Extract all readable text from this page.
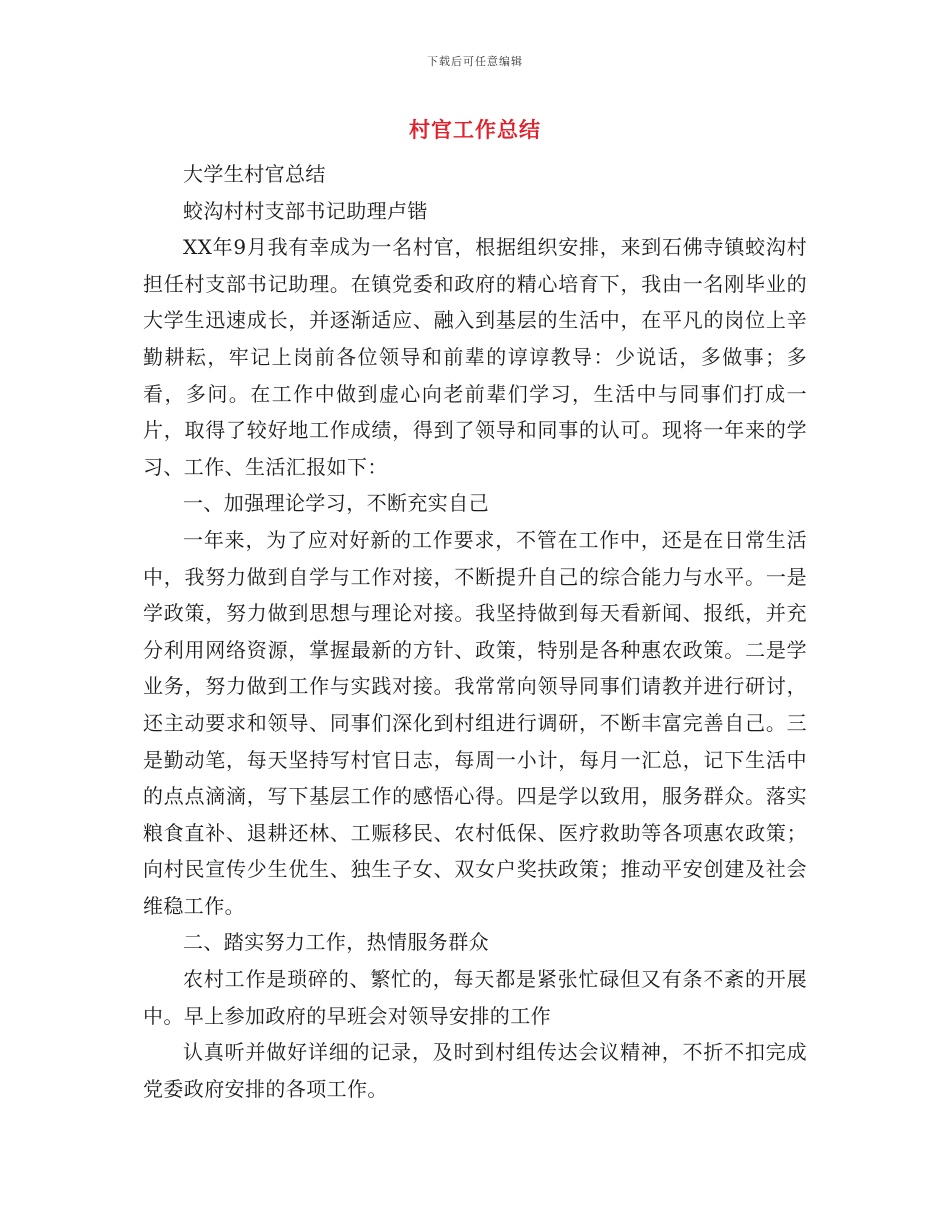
下载后可任意编辑
村官工作总结

大学生村官总结

蛟沟村村支部书记助理卢锴

XX年9月我有幸成为一名村官，根据组织安排，来到石佛寺镇蛟沟村担任村支部书记助理。在镇党委和政府的精心培育下，我由一名刚毕业的大学生迅速成长，并逐渐适应、融入到基层的生活中，在平凡的岗位上辛勤耕耘，牢记上岗前各位领导和前辈的谆谆教导：少说话，多做事；多看，多问。在工作中做到虚心向老前辈们学习，生活中与同事们打成一片，取得了较好地工作成绩，得到了领导和同事的认可。现将一年来的学习、工作、生活汇报如下：

一、加强理论学习，不断充实自己

一年来，为了应对好新的工作要求，不管在工作中，还是在日常生活中，我努力做到自学与工作对接，不断提升自己的综合能力与水平。一是学政策，努力做到思想与理论对接。我坚持做到每天看新闻、报纸，并充分利用网络资源，掌握最新的方针、政策，特别是各种惠农政策。二是学业务，努力做到工作与实践对接。我常常向领导同事们请教并进行研讨，还主动要求和领导、同事们深化到村组进行调研，不断丰富完善自己。三是勤动笔，每天坚持写村官日志，每周一小计，每月一汇总，记下生活中的点点滴滴，写下基层工作的感悟心得。四是学以致用，服务群众。落实粮食直补、退耕还林、工赈移民、农村低保、医疗救助等各项惠农政策；向村民宣传少生优生、独生子女、双女户奖扶政策；推动平安创建及社会维稳工作。

二、踏实努力工作，热情服务群众

农村工作是琐碎的、繁忙的，每天都是紧张忙碌但又有条不紊的开展中。早上参加政府的早班会对领导安排的工作

认真听并做好详细的记录，及时到村组传达会议精神，不折不扣完成党委政府安排的各项工作。
